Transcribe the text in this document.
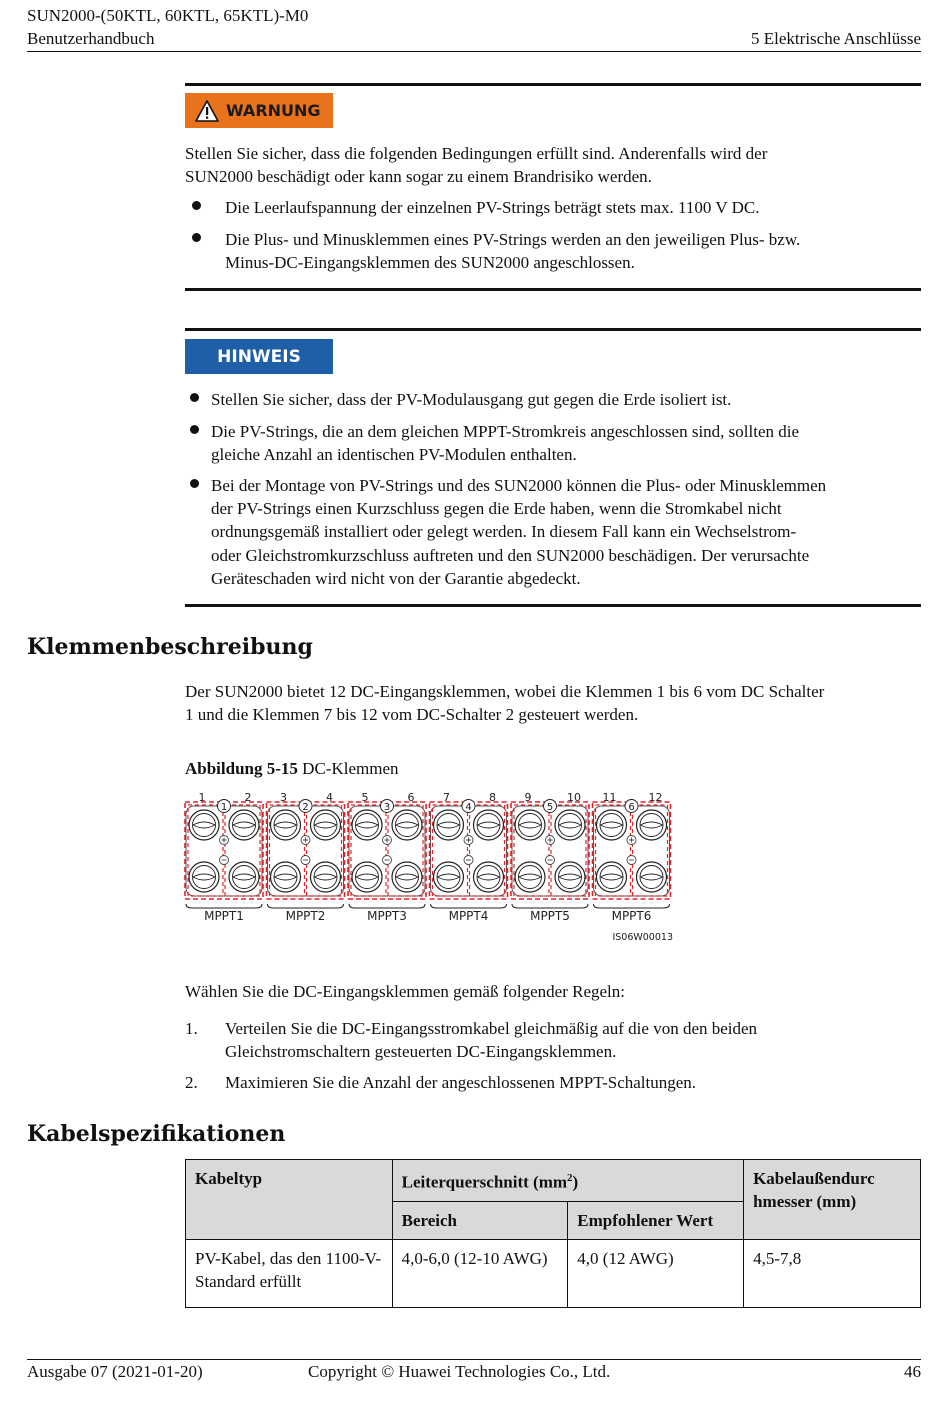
SUN2000-(50KTL, 60KTL, 65KTL)-M0
Benutzerhandbuch	5 Elektrische Anschlüsse
WARNUNG
Stellen Sie sicher, dass die folgenden Bedingungen erfüllt sind. Anderenfalls wird der
SUN2000 beschädigt oder kann sogar zu einem Brandrisiko werden.
Die Leerlaufspannung der einzelnen PV-Strings beträgt stets max. 1100 V DC.
Die Plus- und Minusklemmen eines PV-Strings werden an den jeweiligen Plus- bzw.
Minus-DC-Eingangsklemmen des SUN2000 angeschlossen.
HINWEIS
Stellen Sie sicher, dass der PV-Modulausgang gut gegen die Erde isoliert ist.
Die PV-Strings, die an dem gleichen MPPT-Stromkreis angeschlossen sind, sollten die
gleiche Anzahl an identischen PV-Modulen enthalten.
Bei der Montage von PV-Strings und des SUN2000 können die Plus- oder Minusklemmen
der PV-Strings einen Kurzschluss gegen die Erde haben, wenn die Stromkabel nicht
ordnungsgemäß installiert oder gelegt werden. In diesem Fall kann ein Wechselstrom-
oder Gleichstromkurzschluss auftreten und den SUN2000 beschädigen. Der verursachte
Geräteschaden wird nicht von der Garantie abgedeckt.
Klemmenbeschreibung
Der SUN2000 bietet 12 DC-Eingangsklemmen, wobei die Klemmen 1 bis 6 vom DC Schalter
1 und die Klemmen 7 bis 12 vom DC-Schalter 2 gesteuert werden.
Abbildung 5-15 DC-Klemmen
1	2
1
MPPT1
3	4
2
MPPT2
5	6
3
MPPT3
7	8
4
MPPT4
9	10
5
MPPT5
11	12
6
MPPT6
IS06W00013
Wählen Sie die DC-Eingangsklemmen gemäß folgender Regeln:
1. Verteilen Sie die DC-Eingangsstromkabel gleichmäßig auf die von den beiden
Gleichstromschaltern gesteuerten DC-Eingangsklemmen.
2. Maximieren Sie die Anzahl der angeschlossenen MPPT-Schaltungen.
Kabelspezifikationen
Kabeltyp	Leiterquerschnitt $(mm^2)$		Kabelaußendurc hmesser (mm)
	Bereich	Empfohlener Wert	
PV-Kabel, das den 1100-V-Standard erfüllt	4,0-6,0 (12-10 AWG)	4,0 (12 AWG)	4,5-7,8
Ausgabe 07 (2021-01-20)	Copyright © Huawei Technologies Co., Ltd.	46
